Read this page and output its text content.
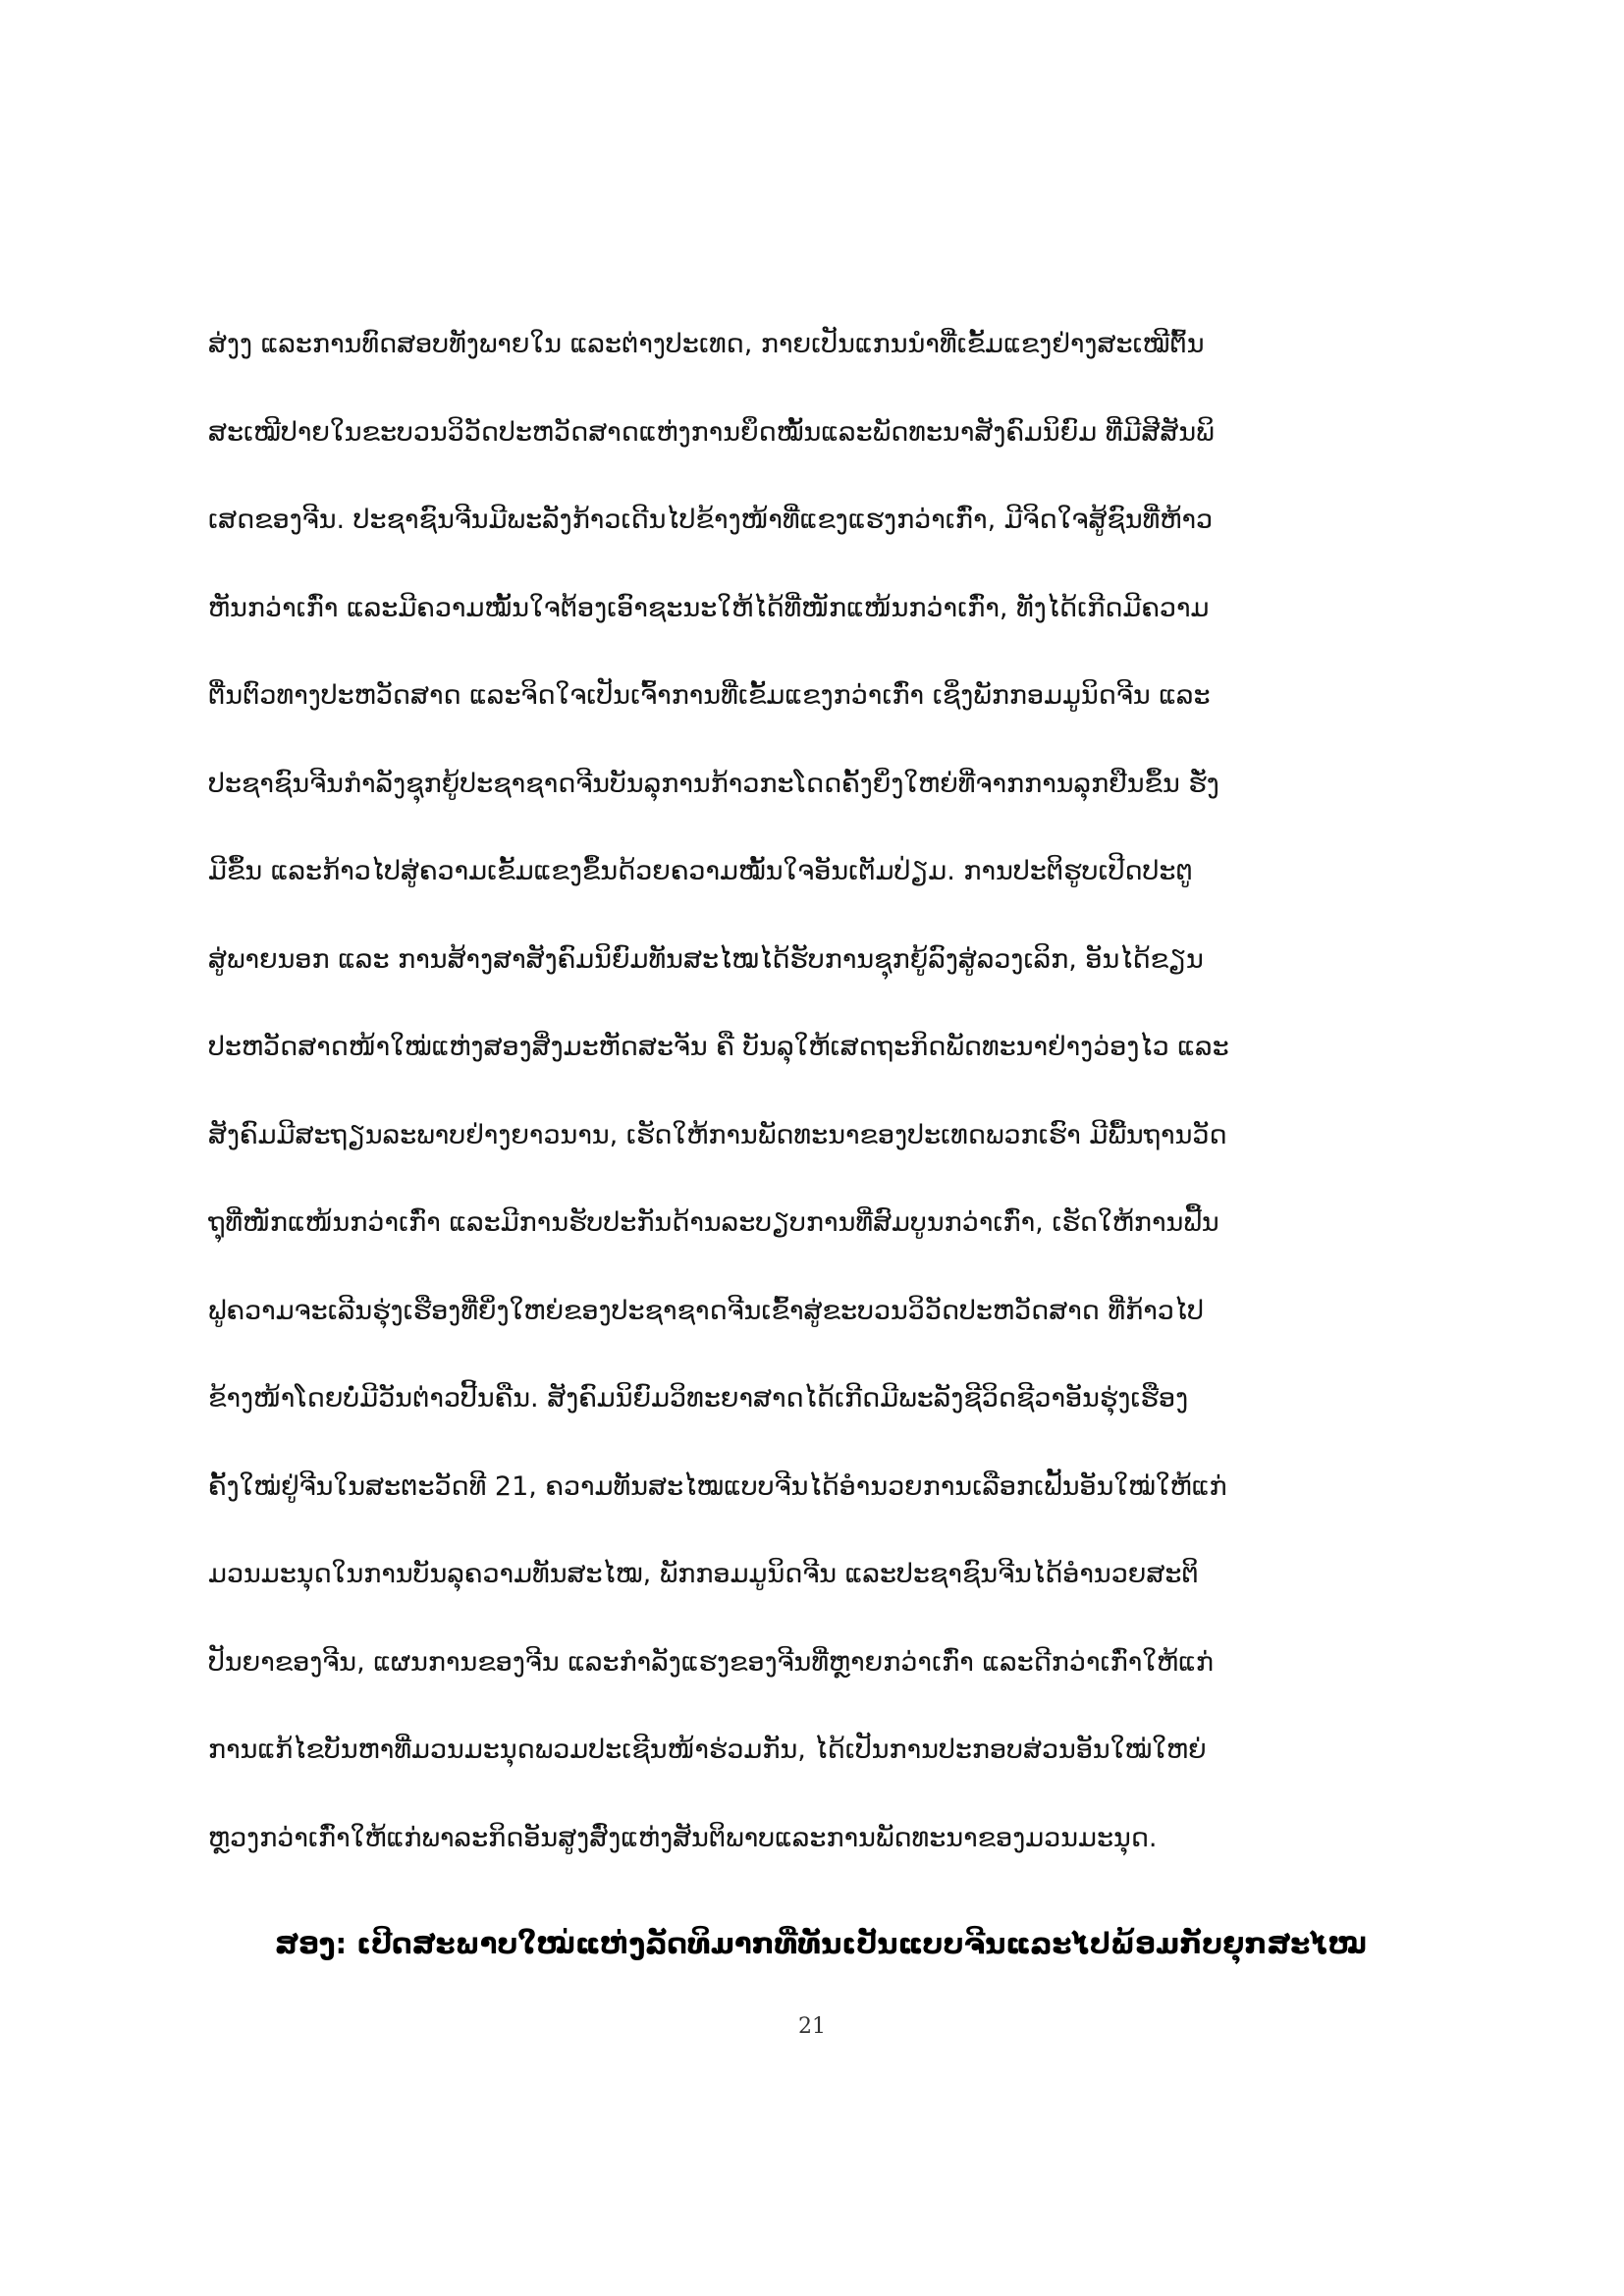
ສ່ງງ ແລະການທົດສອບທັງພາຍໃນ ແລະຕ່າງປະເທດ, ກາຍເປັນແກນນຳທີ່ເຂັ້ມແຂງຢ່າງສະເໝີຕົ້ນ
ສະເໝີປາຍໃນຂະບວນວິວັດປະຫວັດສາດແຫ່ງການຍຶດໝັ້ນແລະພັດທະນາສັງຄົມນິຍົມ ທີ່ມີສີສັນພິ
ເສດຂອງຈີນ. ປະຊາຊົນຈີນມີພະລັງກ້າວເດີນໄປຂ້າງໜ້າທີ່ແຂງແຮງກວ່າເກົ່າ, ມີຈິດໃຈສູ້ຊົນທີ່ຫ້າວ
ຫັນກວ່າເກົ່າ ແລະມີຄວາມໝັ້ນໃຈຕ້ອງເອົາຊະນະໃຫ້ໄດ້ທີ່ໜັກແໜ້ນກວ່າເກົ່າ, ທັງໄດ້ເກີດມີຄວາມ
ຕື່ນຕົວທາງປະຫວັດສາດ ແລະຈິດໃຈເປັນເຈົ້າການທີ່ເຂັ້ມແຂງກວ່າເກົ່າ ເຊິ່ງພັກກອມມູນິດຈີນ ແລະ
ປະຊາຊົນຈີນກຳລັງຊຸກຍູ້ປະຊາຊາດຈີນບັນລຸການກ້າວກະໂດດຄັ້ງຍິ່ງໃຫຍ່ທີ່ຈາກການລຸກຢືນຂຶ້ນ ຮັ່ງ
ມີຂຶ້ນ ແລະກ້າວໄປສູ່ຄວາມເຂັ້ມແຂງຂຶ້ນດ້ວຍຄວາມໝັ້ນໃຈອັນເຕັມປ່ຽມ. ການປະຕິຮູບເປີດປະຕູ
ສູ່ພາຍນອກ ແລະ ການສ້າງສາສັງຄົມນິຍົມທັນສະໄໝໄດ້ຮັບການຊຸກຍູ້ລົງສູ່ລວງເລິກ, ອັນໄດ້ຂຽນ
ປະຫວັດສາດໜ້າໃໝ່ແຫ່ງສອງສິ່ງມະຫັດສະຈັນ ຄື ບັນລຸໃຫ້ເສດຖະກິດພັດທະນາຢ່າງວ່ອງໄວ ແລະ
ສັງຄົມມີສະຖຽນລະພາບຢ່າງຍາວນານ, ເຮັດໃຫ້ການພັດທະນາຂອງປະເທດພວກເຮົາ ມີພື້ນຖານວັດ
ຖຸທີ່ໜັກແໜ້ນກວ່າເກົ່າ ແລະມີການຮັບປະກັນດ້ານລະບຽບການທີ່ສົມບູນກວ່າເກົ່າ, ເຮັດໃຫ້ການຟື້ນ
ຟູຄວາມຈະເລີນຮຸ່ງເຮືອງທີ່ຍິ່ງໃຫຍ່ຂອງປະຊາຊາດຈີນເຂົ້າສູ່ຂະບວນວິວັດປະຫວັດສາດ ທີ່ກ້າວໄປ
ຂ້າງໜ້າໂດຍບໍ່ມີວັນຕ່າວປີ້ນຄືນ. ສັງຄົມນິຍົມວິທະຍາສາດໄດ້ເກີດມີພະລັງຊີວິດຊີວາອັນຮຸ່ງເຮືອງ
ຄັ້ງໃໝ່ຢູ່ຈີນໃນສະຕະວັດທີ 21, ຄວາມທັນສະໄໝແບບຈີນໄດ້ອຳນວຍການເລືອກເຟັ້ນອັນໃໝ່ໃຫ້ແກ່
ມວນມະນຸດໃນການບັນລຸຄວາມທັນສະໄໝ, ພັກກອມມູນິດຈີນ ແລະປະຊາຊົນຈີນໄດ້ອຳນວຍສະຕິ
ປັນຍາຂອງຈີນ, ແຜນການຂອງຈີນ ແລະກຳລັງແຮງຂອງຈີນທີ່ຫຼາຍກວ່າເກົ່າ ແລະດີກວ່າເກົ່າໃຫ້ແກ່
ການແກ້ໄຂບັນຫາທີ່ມວນມະນຸດພວມປະເຊີນໜ້າຮ່ວມກັນ, ໄດ້ເປັນການປະກອບສ່ວນອັນໃໝ່ໃຫຍ່
ຫຼວງກວ່າເກົ່າໃຫ້ແກ່ພາລະກິດອັນສູງສົ່ງແຫ່ງສັນຕິພາບແລະການພັດທະນາຂອງມວນມະນຸດ.
ສອງ: ເປີດສະພາບໃໝ່ແຫ່ງລັດທິມາກທີ່ທັນເປັນແບບຈີນແລະໄປພ້ອມກັບຍຸກສະໄໝ
21
